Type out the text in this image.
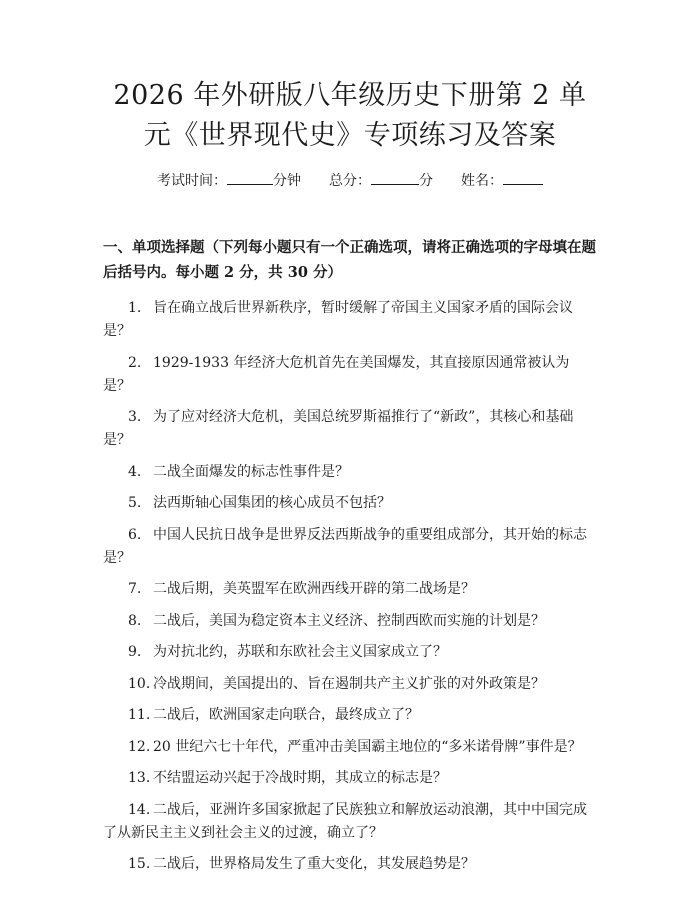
2026 年外研版八年级历史下册第 2 单元《世界现代史》专项练习及答案
考试时间：	分钟 总分：	分 姓名：
一、单项选择题（下列每小题只有一个正确选项，请将正确选项的字母填在题后括号内。每小题 2 分，共 30 分）
1. 旨在确立战后世界新秩序，暂时缓解了帝国主义国家矛盾的国际会议是？
2. 1929-1933 年经济大危机首先在美国爆发，其直接原因通常被认为是？
3. 为了应对经济大危机，美国总统罗斯福推行了“新政”，其核心和基础是？
4. 二战全面爆发的标志性事件是？
5. 法西斯轴心国集团的核心成员不包括？
6. 中国人民抗日战争是世界反法西斯战争的重要组成部分，其开始的标志是？
7. 二战后期，美英盟军在欧洲西线开辟的第二战场是？
8. 二战后，美国为稳定资本主义经济、控制西欧而实施的计划是？
9. 为对抗北约，苏联和东欧社会主义国家成立了？
10. 冷战期间，美国提出的、旨在遏制共产主义扩张的对外政策是？
11. 二战后，欧洲国家走向联合，最终成立了？
12. 20 世纪六七十年代，严重冲击美国霸主地位的“多米诺骨牌”事件是？
13. 不结盟运动兴起于冷战时期，其成立的标志是？
14. 二战后，亚洲许多国家掀起了民族独立和解放运动浪潮，其中中国完成了从新民主主义到社会主义的过渡，确立了？
15. 二战后，世界格局发生了重大变化，其发展趋势是？
